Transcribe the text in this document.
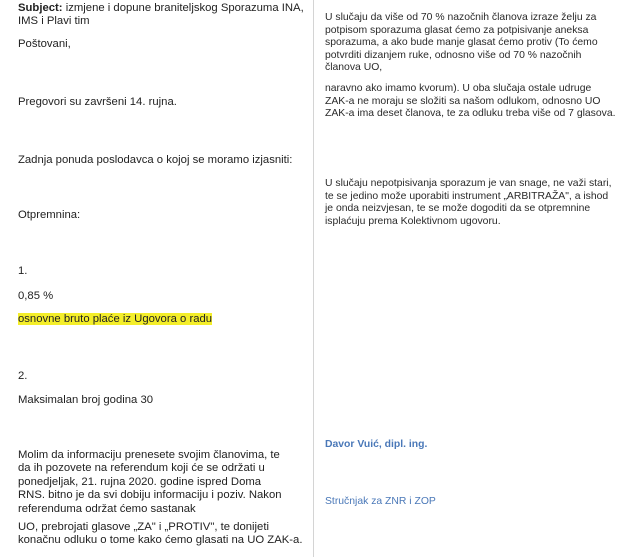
Subject: izmjene i dopune braniteljskog Sporazuma INA, IMS i Plavi tim

Poštovani,

Pregovori su završeni 14. rujna.

Zadnja ponuda poslodavca o kojoj se moramo izjasniti:

Otpremnina:

1.

0,85 %

osnovne bruto plaće iz Ugovora o radu

2.

Maksimalan broj godina 30

Molim da informaciju prenesete svojim članovima, te da ih pozovete na referendum koji će se održati u ponedjeljak, 21. rujna 2020. godine ispred Doma RNS. bitno je da svi dobiju informaciju i poziv. Nakon referenduma održat ćemo sastanak

UO, prebrojati glasove „ZA" i „PROTIV", te donijeti konačnu odluku o tome kako ćemo glasati na UO ZAK-a.

U slučaju da više od 70 % nazočnih članova izraze želju za potpisom sporazuma glasat ćemo za potpisivanje aneksa sporazuma, a ako bude manje glasat ćemo protiv (To ćemo potvrditi dizanjem ruke, odnosno više od 70 % nazočnih članova UO,

naravno ako imamo kvorum). U oba slučaja ostale udruge ZAK-a ne moraju se složiti sa našom odlukom, odnosno UO ZAK-a ima deset članova, te za odluku treba više od 7 glasova.

U slučaju nepotpisivanja sporazum je van snage, ne važi stari, te se jedino može uporabiti instrument „ARBITRAŽA", a ishod je onda neizvjesan, te se može dogoditi da se otpremnine isplaćuju prema Kolektivnom ugovoru.

Davor Vuić, dipl. ing.

Stručnjak za ZNR i ZOP
